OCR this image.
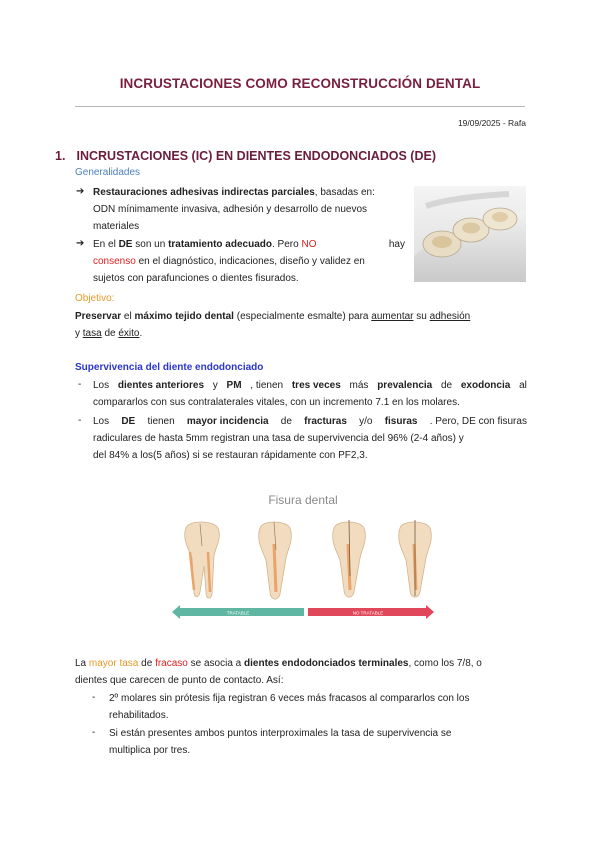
INCRUSTACIONES COMO RECONSTRUCCIÓN DENTAL
19/09/2025 - Rafa
1. INCRUSTACIONES (IC) EN DIENTES ENDODONCIADOS (DE)
Generalidades
➔ Restauraciones adhesivas indirectas parciales, basadas en:
ODN mínimamente invasiva, adhesión y desarrollo de nuevos
materiales
➔ En el DE son un tratamiento adecuado. Pero NO	hay
consenso en el diagnóstico, indicaciones, diseño y validez en
sujetos con parafunciones o dientes fisurados.
Objetivo:
Preservar el máximo tejido dental (especialmente esmalte) para aumentar su adhesión
y tasa de éxito.
Supervivencia del diente endodonciado
- Los dientes anteriores y PM , tienen tres veces más prevalencia de exodoncia al
compararlos con sus contralaterales vitales, con un incremento 7.1 en los molares.
- Los DE tienen mayor incidencia de fracturas y/o fisuras . Pero, DE con fisuras
radiculares de hasta 5mm registran una tasa de supervivencia del 96% (2-4 años) y
del 84% a los(5 años) si se restauran rápidamente con PF2,3.
Fisura dental
TRATABLE	NO TRATABLE
La mayor tasa de fracaso se asocia a dientes endodonciados terminales, como los 7/8, o
dientes que carecen de punto de contacto. Así:
- 2º molares sin prótesis fija registran 6 veces más fracasos al compararlos con los
rehabilitados.
- Si están presentes ambos puntos interproximales la tasa de supervivencia se
multiplica por tres.
